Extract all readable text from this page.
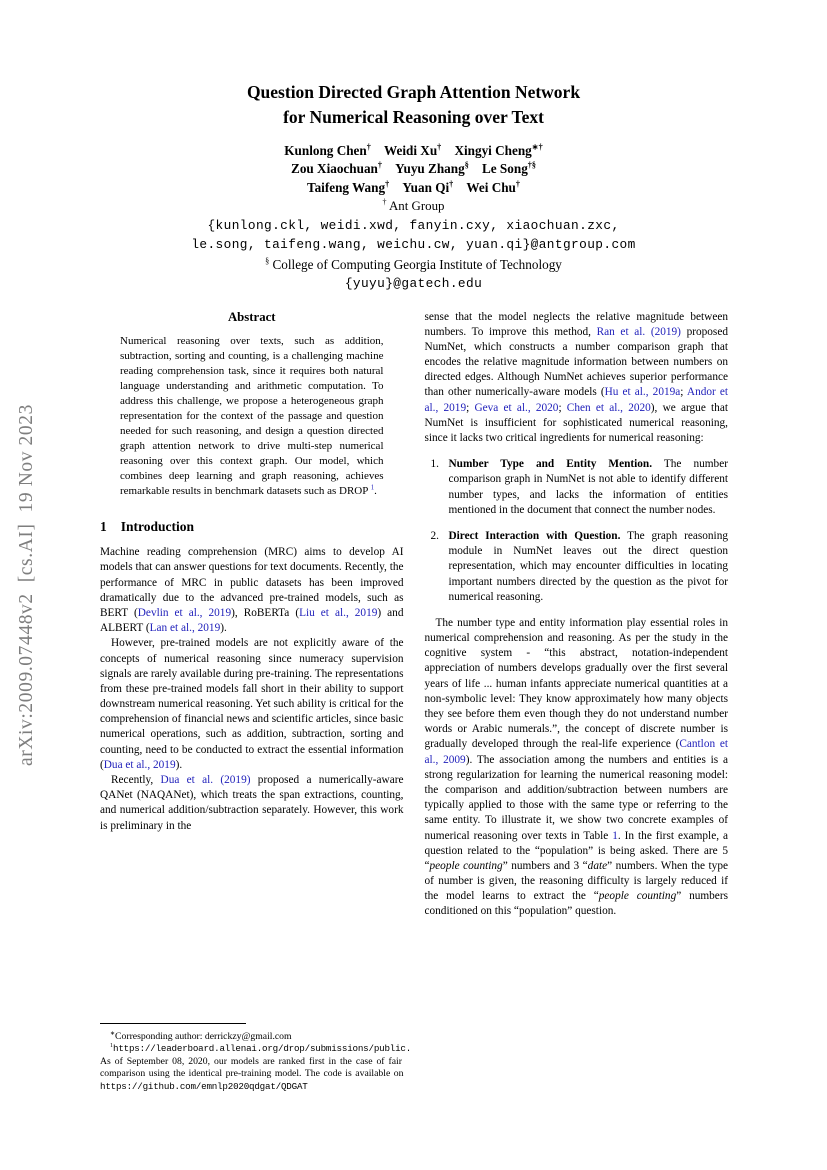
arXiv:2009.07448v2  [cs.AI]  19 Nov 2023
Question Directed Graph Attention Network
for Numerical Reasoning over Text
Kunlong Chen† Weidi Xu† Xingyi Cheng∗†
Zou Xiaochuan† Yuyu Zhang§ Le Song†§
Taifeng Wang† Yuan Qi† Wei Chu†
† Ant Group
{kunlong.ckl, weidi.xwd, fanyin.cxy, xiaochuan.zxc,
le.song, taifeng.wang, weichu.cw, yuan.qi}@antgroup.com
§ College of Computing Georgia Institute of Technology
{yuyu}@gatech.edu
Abstract
Numerical reasoning over texts, such as addition, subtraction, sorting and counting, is a challenging machine reading comprehension task, since it requires both natural language understanding and arithmetic computation. To address this challenge, we propose a heterogeneous graph representation for the context of the passage and question needed for such reasoning, and design a question directed graph attention network to drive multi-step numerical reasoning over this context graph. Our model, which combines deep learning and graph reasoning, achieves remarkable results in benchmark datasets such as DROP $^1$.
1 Introduction

Machine reading comprehension (MRC) aims to develop AI models that can answer questions for text documents. Recently, the performance of MRC in public datasets has been improved dramatically due to the advanced pre-trained models, such as BERT (Devlin et al., 2019), RoBERTa (Liu et al., 2019) and ALBERT (Lan et al., 2019).

However, pre-trained models are not explicitly aware of the concepts of numerical reasoning since numeracy supervision signals are rarely available during pre-training. The representations from these pre-trained models fall short in their ability to support downstream numerical reasoning. Yet such ability is critical for the comprehension of financial news and scientific articles, since basic numerical operations, such as addition, subtraction, sorting and counting, need to be conducted to extract the essential information (Dua et al., 2019).

Recently, Dua et al. (2019) proposed a numerically-aware QANet (NAQANet), which treats the span extractions, counting, and numerical addition/subtraction separately. However, this work is preliminary in the

∗Corresponding author: derrickzy@gmail.com
$^1$https://leaderboard.allenai.org/drop/submissions/public. As of September 08, 2020, our models are ranked first in the case of fair comparison using the identical pre-training model. The code is available on https://github.com/emnlp2020qdgat/QDGAT

sense that the model neglects the relative magnitude between numbers. To improve this method, Ran et al. (2019) proposed NumNet, which constructs a number comparison graph that encodes the relative magnitude information between numbers on directed edges. Although NumNet achieves superior performance than other numerically-aware models (Hu et al., 2019a; Andor et al., 2019; Geva et al., 2020; Chen et al., 2020), we argue that NumNet is insufficient for sophisticated numerical reasoning, since it lacks two critical ingredients for numerical reasoning:

1. Number Type and Entity Mention. The number comparison graph in NumNet is not able to identify different number types, and lacks the information of entities mentioned in the document that connect the number nodes.
2. Direct Interaction with Question. The graph reasoning module in NumNet leaves out the direct question representation, which may encounter difficulties in locating important numbers directed by the question as the pivot for numerical reasoning.

The number type and entity information play essential roles in numerical comprehension and reasoning. As per the study in the cognitive system - “this abstract, notation-independent appreciation of numbers develops gradually over the first several years of life ... human infants appreciate numerical quantities at a non-symbolic level: They know approximately how many objects they see before them even though they do not understand number words or Arabic numerals.”, the concept of discrete number is gradually developed through the real-life experience (Cantlon et al., 2009). The association among the numbers and entities is a strong regularization for learning the numerical reasoning model: the comparison and addition/subtraction between numbers are typically applied to those with the same type or referring to the same entity. To illustrate it, we show two concrete examples of numerical reasoning over texts in Table 1. In the first example, a question related to the “population” is being asked. There are 5 “people counting” numbers and 3 “date” numbers. When the type of number is given, the reasoning difficulty is largely reduced if the model learns to extract the “people counting” numbers conditioned on this “population” question.
